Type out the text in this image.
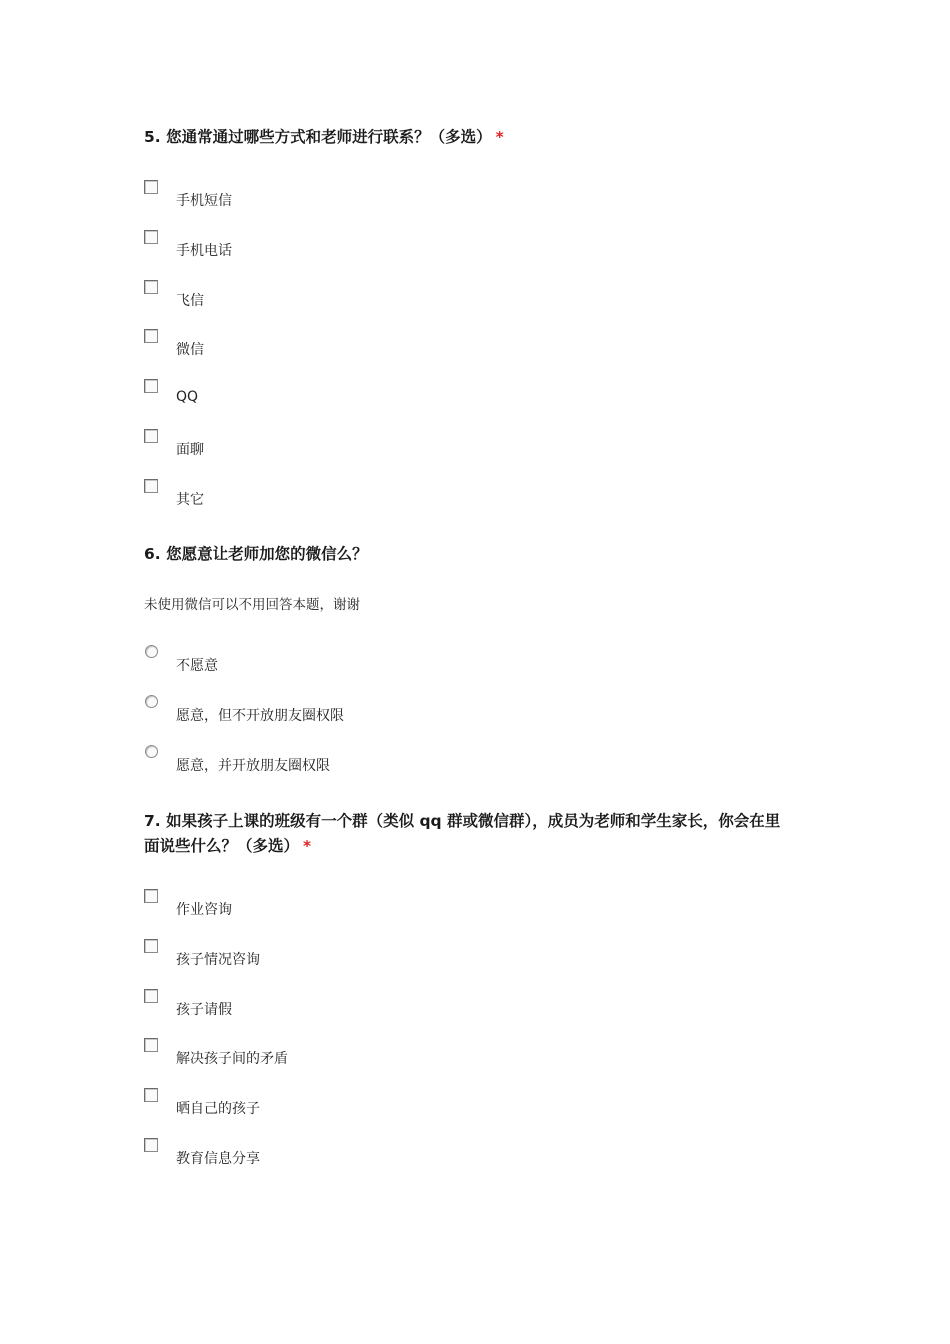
5. 您通常通过哪些方式和老师进行联系？（多选） *
手机短信
手机电话
飞信
微信
QQ
面聊
其它
6. 您愿意让老师加您的微信么？
未使用微信可以不用回答本题，谢谢
不愿意
愿意，但不开放朋友圈权限
愿意，并开放朋友圈权限
7. 如果孩子上课的班级有一个群（类似 qq 群或微信群），成员为老师和学生家长，你会在里
面说些什么？（多选） *
作业咨询
孩子情况咨询
孩子请假
解决孩子间的矛盾
晒自己的孩子
教育信息分享
